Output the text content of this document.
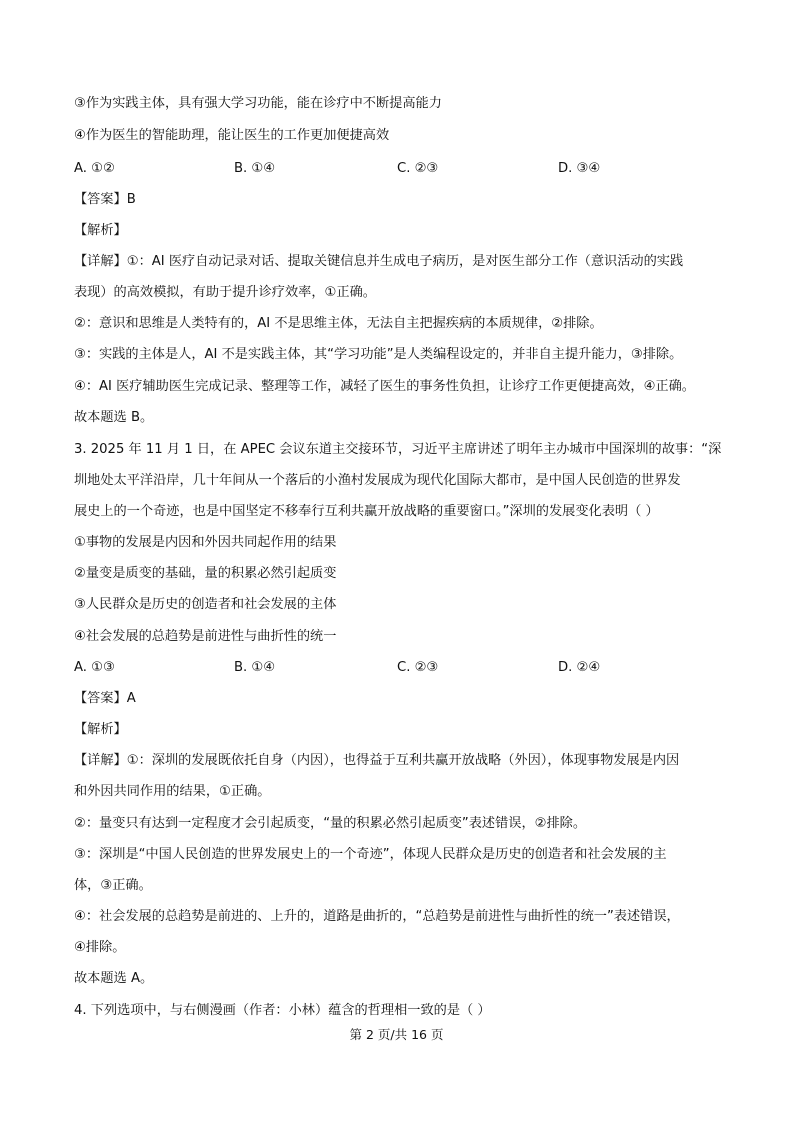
③作为实践主体，具有强大学习功能，能在诊疗中不断提高能力
④作为医生的智能助理，能让医生的工作更加便捷高效
A. ①②	B. ①④	C. ②③	D. ③④
【答案】B
【解析】
【详解】①：AI 医疗自动记录对话、提取关键信息并生成电子病历，是对医生部分工作（意识活动的实践
表现）的高效模拟，有助于提升诊疗效率，①正确。
②：意识和思维是人类特有的，AI 不是思维主体，无法自主把握疾病的本质规律，②排除。
③：实践的主体是人，AI 不是实践主体，其“学习功能”是人类编程设定的，并非自主提升能力，③排除。
④：AI 医疗辅助医生完成记录、整理等工作，减轻了医生的事务性负担，让诊疗工作更便捷高效，④正确。
故本题选 B。
3. 2025 年 11 月 1 日，在 APEC 会议东道主交接环节，习近平主席讲述了明年主办城市中国深圳的故事：“深
圳地处太平洋沿岸，几十年间从一个落后的小渔村发展成为现代化国际大都市，是中国人民创造的世界发
展史上的一个奇迹，也是中国坚定不移奉行互利共赢开放战略的重要窗口。”深圳的发展变化表明（ ）
①事物的发展是内因和外因共同起作用的结果
②量变是质变的基础，量的积累必然引起质变
③人民群众是历史的创造者和社会发展的主体
④社会发展的总趋势是前进性与曲折性的统一
A. ①③	B. ①④	C. ②③	D. ②④
【答案】A
【解析】
【详解】①：深圳的发展既依托自身（内因），也得益于互利共赢开放战略（外因），体现事物发展是内因
和外因共同作用的结果，①正确。
②：量变只有达到一定程度才会引起质变，“量的积累必然引起质变”表述错误，②排除。
③：深圳是“中国人民创造的世界发展史上的一个奇迹”，体现人民群众是历史的创造者和社会发展的主
体，③正确。
④：社会发展的总趋势是前进的、上升的，道路是曲折的，“总趋势是前进性与曲折性的统一”表述错误，
④排除。
故本题选 A。
4. 下列选项中，与右侧漫画（作者：小林）蕴含的哲理相一致的是（ ）
第 2 页/共 16 页
